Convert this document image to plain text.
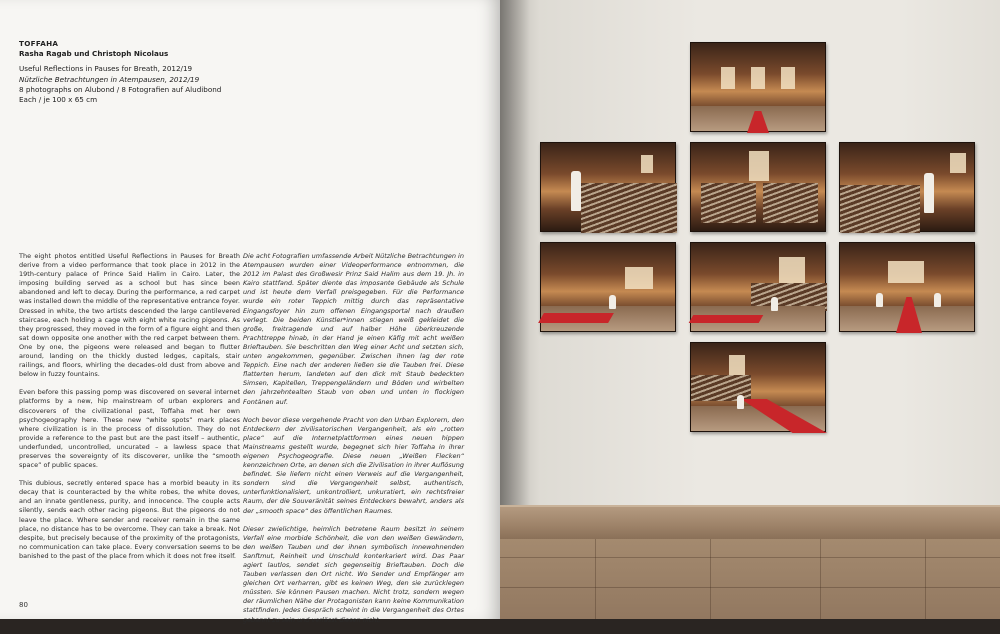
TOFFAHA
Rasha Ragab und Christoph Nicolaus
Useful Reflections in Pauses for Breath, 2012/19
Nützliche Betrachtungen in Atempausen, 2012/19
8 photographs on Alubond / 8 Fotografien auf Aludibond
Each / je 100 x 65 cm

The eight photos entitled Useful Reflections in Pauses for Breath derive from a video performance that took place in 2012 in the 19th-century palace of Prince Said Halim in Cairo. Later, the imposing building served as a school but has since been abandoned and left to decay. During the performance, a red carpet was installed down the middle of the representative entrance foyer. Dressed in white, the two artists descended the large cantilevered staircase, each holding a cage with eight white racing pigeons. As they progressed, they moved in the form of a figure eight and then sat down opposite one another with the red carpet between them. One by one, the pigeons were released and began to flutter around, landing on the thickly dusted ledges, capitals, stair railings, and floors, whirling the decades-old dust from above and below in fuzzy fountains.

Even before this passing pomp was discovered on several internet platforms by a new, hip mainstream of urban explorers and discoverers of the civilizational past, Toffaha met her own psychogeography here. These new “white spots” mark places where civilization is in the process of dissolution. They do not provide a reference to the past but are the past itself – authentic, underfunded, uncontrolled, uncurated – a lawless space that preserves the sovereignty of its discoverer, unlike the “smooth space” of public spaces.

This dubious, secretly entered space has a morbid beauty in its decay that is counteracted by the white robes, the white doves, and an innate gentleness, purity, and innocence. The couple acts silently, sends each other racing pigeons. But the pigeons do not leave the place. Where sender and receiver remain in the same place, no distance has to be overcome. They can take a break. Not despite, but precisely because of the proximity of the protagonists, no communication can take place. Every conversation seems to be banished to the past of the place from which it does not free itself.

Die acht Fotografien umfassende Arbeit Nützliche Betrachtungen in Atempausen wurden einer Videoperformance entnommen, die 2012 im Palast des Großwesir Prinz Said Halim aus dem 19. Jh. in Kairo stattfand. Später diente das imposante Gebäude als Schule und ist heute dem Verfall preisgegeben. Für die Performance wurde ein roter Teppich mittig durch das repräsentative Eingangsfoyer hin zum offenen Eingangsportal nach draußen verlegt. Die beiden Künstler*innen stiegen weiß gekleidet die große, freitragende und auf halber Höhe überkreuzende Prachttreppe hinab, in der Hand je einen Käfig mit acht weißen Brieftauben. Sie beschritten den Weg einer Acht und setzten sich, unten angekommen, gegenüber. Zwischen ihnen lag der rote Teppich. Eine nach der anderen ließen sie die Tauben frei. Diese flatterten herum, landeten auf den dick mit Staub bedeckten Simsen, Kapitellen, Treppengeländern und Böden und wirbelten den jahrzehntealten Staub von oben und unten in flockigen Fontänen auf.

Noch bevor diese vergehende Pracht von den Urban Explorern, den Entdeckern der zivilisatorischen Vergangenheit, als ein „rotten place“ auf die Internetplattformen eines neuen hippen Mainstreams gestellt wurde, begegnet sich hier Toffaha in ihrer eigenen Psychogeografie. Diese neuen „Weißen Flecken“ kennzeichnen Orte, an denen sich die Zivilisation in ihrer Auflösung befindet. Sie liefern nicht einen Verweis auf die Vergangenheit, sondern sind die Vergangenheit selbst, authentisch, unterfunktionalisiert, unkontrolliert, unkuratiert, ein rechtsfreier Raum, der die Souveränität seines Entdeckers bewahrt, anders als der „smooth space“ des öffentlichen Raumes.

Dieser zwielichtige, heimlich betretene Raum besitzt in seinem Verfall eine morbide Schönheit, die von den weißen Gewändern, den weißen Tauben und der ihnen symbolisch innewohnenden Sanftmut, Reinheit und Unschuld konterkariert wird. Das Paar agiert lautlos, sendet sich gegenseitig Brieftauben. Doch die Tauben verlassen den Ort nicht. Wo Sender und Empfänger am gleichen Ort verharren, gibt es keinen Weg, den sie zurücklegen müssten. Sie können Pausen machen. Nicht trotz, sondern wegen der räumlichen Nähe der Protagonisten kann keine Kommunikation stattfinden. Jedes Gespräch scheint in die Vergangenheit des Ortes gebannt zu sein und verlässt diesen nicht.

80
